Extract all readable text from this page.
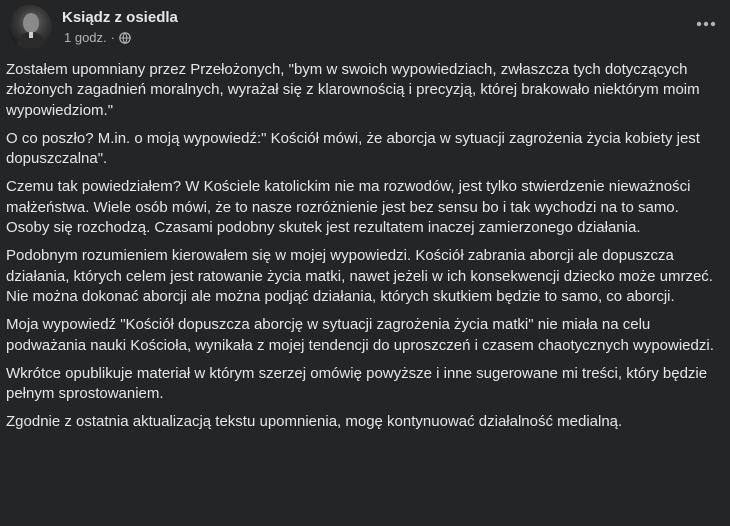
Ksiądz z osiedla
1 godz. ·

Zostałem upomniany przez Przełożonych, "bym w swoich wypowiedziach, zwłaszcza tych dotyczących złożonych zagadnień moralnych, wyrażał się z klarownością i precyzją, której brakowało niektórym moim wypowiedziom."

O co poszło? M.in. o moją wypowiedź:" Kościół mówi, że aborcja w sytuacji zagrożenia życia kobiety jest dopuszczalna".

Czemu tak powiedziałem? W Kościele katolickim nie ma rozwodów, jest tylko stwierdzenie nieważności małżeństwa. Wiele osób mówi, że to nasze rozróżnienie jest bez sensu bo i tak wychodzi na to samo. Osoby się rozchodzą. Czasami podobny skutek jest rezultatem inaczej zamierzonego działania.

Podobnym rozumieniem kierowałem się w mojej wypowiedzi. Kościół zabrania aborcji ale dopuszcza działania, których celem jest ratowanie życia matki, nawet jeżeli w ich konsekwencji dziecko może umrzeć. Nie można dokonać aborcji ale można podjąć działania, których skutkiem będzie to samo, co aborcji.

Moja wypowiedź "Kościół dopuszcza aborcję w sytuacji zagrożenia życia matki" nie miała na celu podważania nauki Kościoła, wynikała z mojej tendencji do uproszczeń i czasem chaotycznych wypowiedzi.

Wkrótce opublikuje materiał w którym szerzej omówię powyższe i inne sugerowane mi treści, który będzie pełnym sprostowaniem.

Zgodnie z ostatnia aktualizacją tekstu upomnienia, mogę kontynuować działalność medialną.
